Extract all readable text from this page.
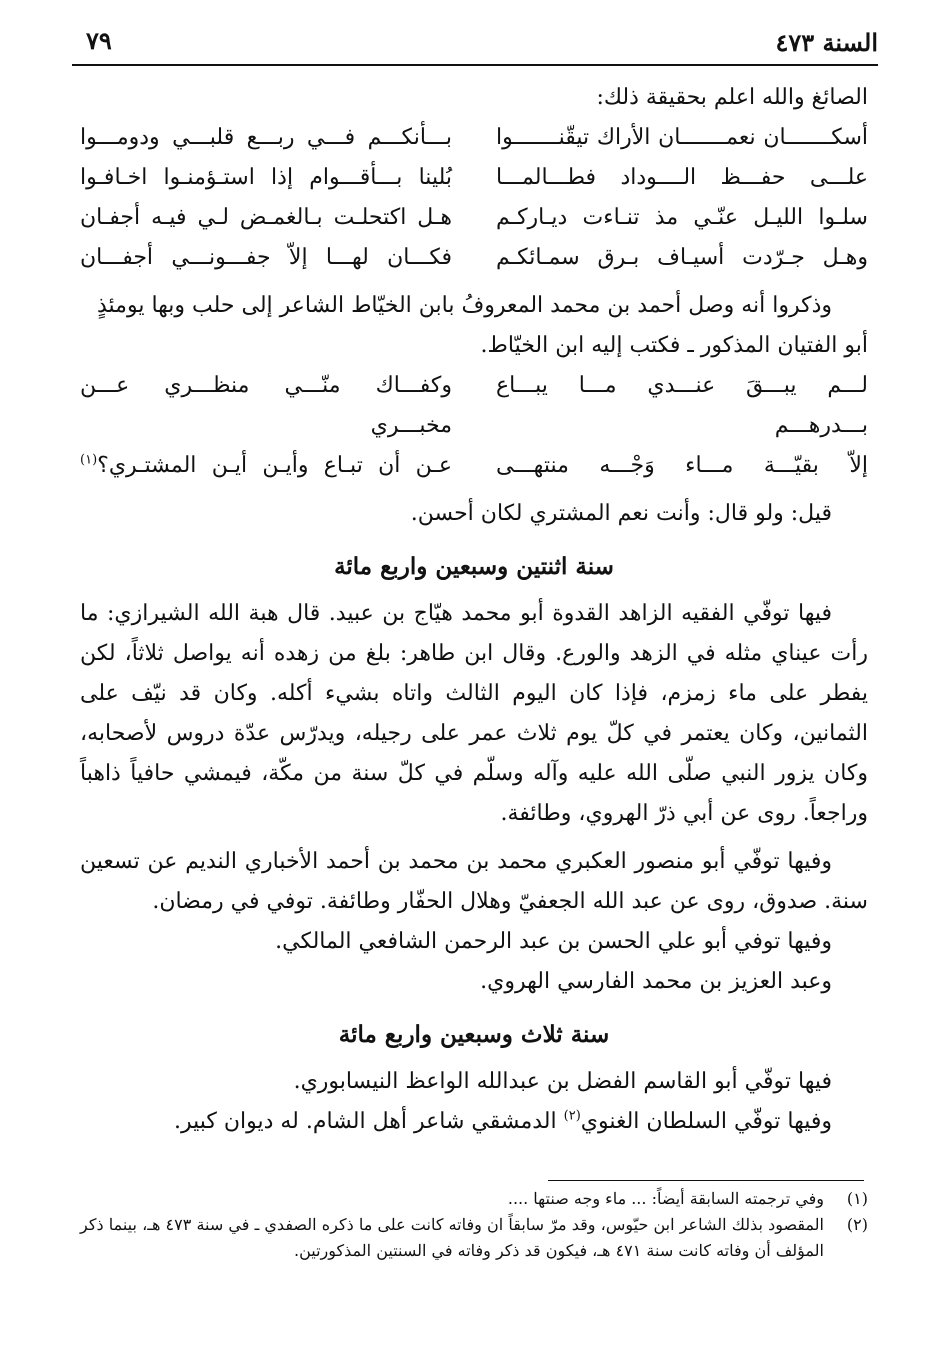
السنة ٤٧٣
٧٩

الصائغ والله اعلم بحقيقة ذلك:

أسكـــــــان نعمـــــــان الأراك تيقّنـــــــوا
بـــأنكـــم فـــي ربـــع قلبـــي ودومـــوا
علـــى حفـــظ الــــوداد فطـــالمـــا
بُلينا بـــأقـــوام إذا استـؤمنـوا اخـافـوا
سلـوا الليـل عنّـي مذ تنـاءت ديـاركـم
هـل اكتحلـت بـالغمـض لـي فيـه أجفـان
وهـل جـرّدت أسيـاف بـرق سمـائكـم
فكـــان لهـــا إلاّ جفـــونـــي أجفـــان

وذكروا أنه وصل أحمد بن محمد المعروفُ بابن الخيّاط الشاعر إلى حلب وبها يومئذٍ

أبو الفتيان المذكور ـ فكتب إليه ابن الخيّاط.

لـــم يبـــقَ عنـــدي مـــا يبـــاع بـــدرهـــم
وكفـــاك منّـــي منظـــري عـــن مخبـــري
إلاّ بقيّـــة مـــاء وَجْـــه منتهـــى
عـن أن تبـاع وأيـن أيـن المشتـري؟$^{(١)}$

قيل: ولو قال: وأنت نعم المشتري لكان أحسن.

سنة اثنتين وسبعين واربع مائة

فيها توفّي الفقيه الزاهد القدوة أبو محمد هيّاج بن عبيد. قال هبة الله الشيرازي: ما رأت عيناي مثله في الزهد والورع. وقال ابن طاهر: بلغ من زهده أنه يواصل ثلاثاً، لكن يفطر على ماء زمزم، فإذا كان اليوم الثالث واتاه بشيء أكله. وكان قد نيّف على الثمانين، وكان يعتمر في كلّ يوم ثلاث عمر على رجيله، ويدرّس عدّة دروس لأصحابه، وكان يزور النبي صلّى الله عليه وآله وسلّم في كلّ سنة من مكّة، فيمشي حافياً ذاهباً وراجعاً. روى عن أبي ذرّ الهروي، وطائفة.

وفيها توفّي أبو منصور العكبري محمد بن محمد بن أحمد الأخباري النديم عن تسعين سنة. صدوق، روى عن عبد الله الجعفيّ وهلال الحفّار وطائفة. توفي في رمضان.

وفيها توفي أبو علي الحسن بن عبد الرحمن الشافعي المالكي.

وعبد العزيز بن محمد الفارسي الهروي.

سنة ثلاث وسبعين واربع مائة

فيها توفّي أبو القاسم الفضل بن عبدالله الواعظ النيسابوري.

وفيها توفّي السلطان الغنوي$^{(٢)}$ الدمشقي شاعر أهل الشام. له ديوان كبير.

(١)
وفي ترجمته السابقة أيضاً: ... ماء وجه صنتها ....
(٢)
المقصود بذلك الشاعر ابن حيّوس، وقد مرّ سابقاً ان وفاته كانت على ما ذكره الصفدي ـ في سنة ٤٧٣ هـ، بينما ذكر المؤلف أن وفاته كانت سنة ٤٧١ هـ، فيكون قد ذكر وفاته في السنتين المذكورتين.
